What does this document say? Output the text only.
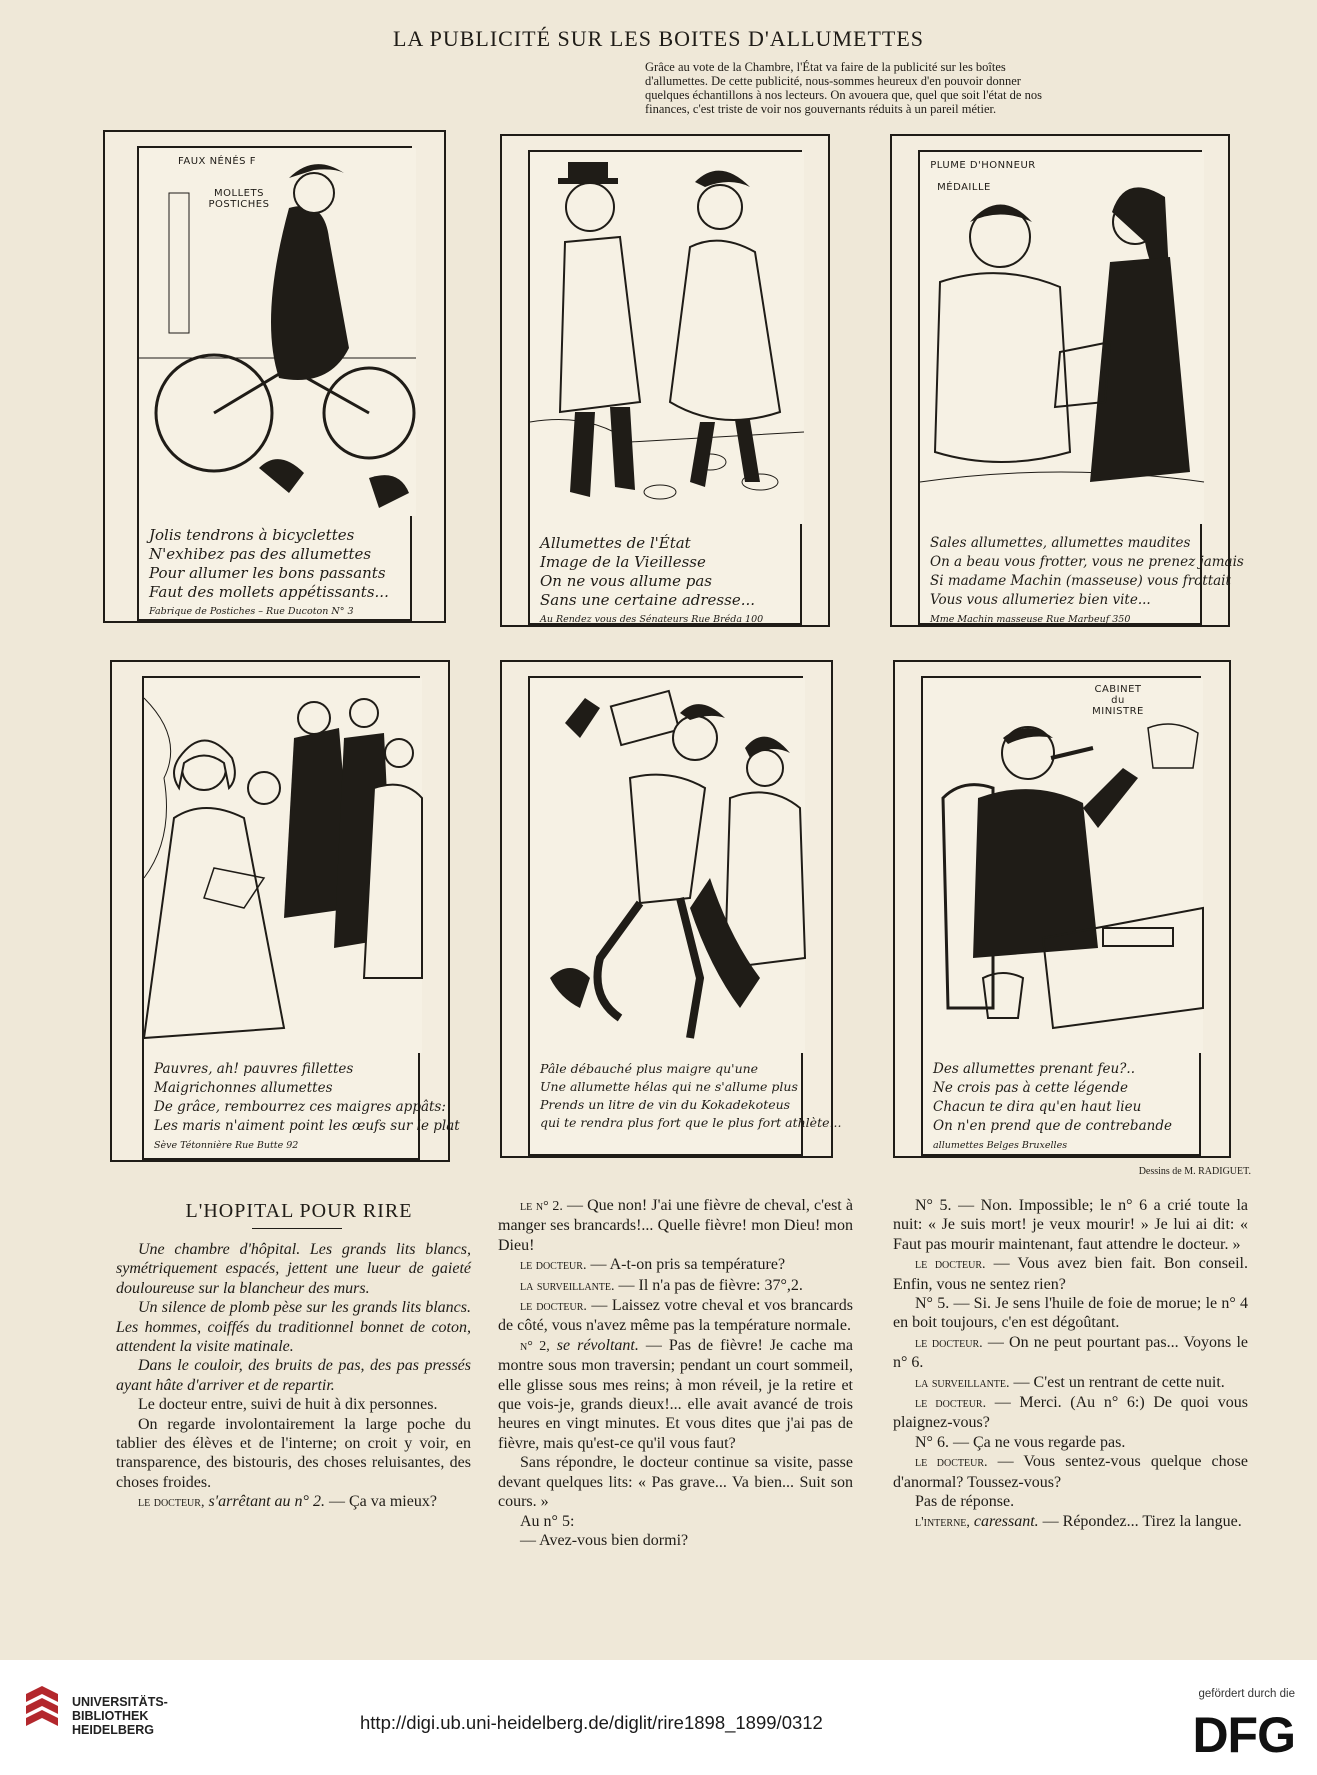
LA PUBLICITÉ SUR LES BOITES D'ALLUMETTES
Grâce au vote de la Chambre, l'État va faire de la publicité sur les boîtes
d'allumettes. De cette publicité, nous-sommes heureux d'en pouvoir donner
quelques échantillons à nos lecteurs. On avouera que, quel que soit l'état de nos
finances, c'est triste de voir nos gouvernants réduits à un pareil métier.
FAUX NÉNÉS F
MOLLETS
POSTICHES
Jolis tendrons à bicyclettes
N'exhibez pas des allumettes
Pour allumer les bons passants
Faut des mollets appétissants...
Fabrique de Postiches – Rue Ducoton N° 3
Allumettes de l'État
Image de la Vieillesse
On ne vous allume pas
Sans une certaine adresse...
Au Rendez vous des Sénateurs Rue Bréda 100
PLUME D'HONNEUR
MÉDAILLE
Sales allumettes, allumettes maudites
On a beau vous frotter, vous ne prenez jamais
Si madame Machin (masseuse) vous frottait
Vous vous allumeriez bien vite...
Mme Machin masseuse Rue Marbeuf 350
Pauvres, ah! pauvres fillettes
Maigrichonnes allumettes
De grâce, rembourrez ces maigres appâts:
Les maris n'aiment point les œufs sur le plat
Sève Tétonnière Rue Butte 92
Pâle débauché plus maigre qu'une
Une allumette hélas qui ne s'allume plus
Prends un litre de vin du Kokadekoteus
qui te rendra plus fort que le plus fort athlète...
CABINET
du
MINISTRE
Des allumettes prenant feu?..
Ne crois pas à cette légende
Chacun te dira qu'en haut lieu
On n'en prend que de contrebande
allumettes Belges Bruxelles
Dessins de M. RADIGUET.
L'HOPITAL POUR RIRE

Une chambre d'hôpital. Les grands lits blancs, symétriquement espacés, jettent une lueur de gaieté douloureuse sur la blancheur des murs.

Un silence de plomb pèse sur les grands lits blancs. Les hommes, coiffés du traditionnel bonnet de coton, attendent la visite matinale.

Dans le couloir, des bruits de pas, des pas pressés ayant hâte d'arriver et de repartir.

Le docteur entre, suivi de huit à dix personnes.

On regarde involontairement la large poche du tablier des élèves et de l'interne; on croit y voir, en transparence, des bistouris, des choses reluisantes, des choses froides.

le docteur, s'arrêtant au n° 2. — Ça va mieux?

le n° 2. — Que non! J'ai une fièvre de cheval, c'est à manger ses brancards!... Quelle fièvre! mon Dieu! mon Dieu!

le docteur. — A-t-on pris sa température?

la surveillante. — Il n'a pas de fièvre: 37°,2.

le docteur. — Laissez votre cheval et vos brancards de côté, vous n'avez même pas la température normale.

n° 2, se révoltant. — Pas de fièvre! Je cache ma montre sous mon traversin; pendant un court sommeil, elle glisse sous mes reins; à mon réveil, je la retire et que vois-je, grands dieux!... elle avait avancé de trois heures en vingt minutes. Et vous dites que j'ai pas de fièvre, mais qu'est-ce qu'il vous faut?

Sans répondre, le docteur continue sa visite, passe devant quelques lits: « Pas grave... Va bien... Suit son cours. »

Au n° 5:

— Avez-vous bien dormi?

N° 5. — Non. Impossible; le n° 6 a crié toute la nuit: « Je suis mort! je veux mourir! » Je lui ai dit: « Faut pas mourir maintenant, faut attendre le docteur. »

le docteur. — Vous avez bien fait. Bon conseil. Enfin, vous ne sentez rien?

N° 5. — Si. Je sens l'huile de foie de morue; le n° 4 en boit toujours, c'en est dégoûtant.

le docteur. — On ne peut pourtant pas... Voyons le n° 6.

la surveillante. — C'est un rentrant de cette nuit.

le docteur. — Merci. (Au n° 6:) De quoi vous plaignez-vous?

N° 6. — Ça ne vous regarde pas.

le docteur. — Vous sentez-vous quelque chose d'anormal? Toussez-vous?

Pas de réponse.

l'interne, caressant. — Répondez... Tirez la langue.

UNIVERSITÄTS-
BIBLIOTHEK
HEIDELBERG	http://digi.ub.uni-heidelberg.de/diglit/rire1898_1899/0312
gefördert durch die
DFG
